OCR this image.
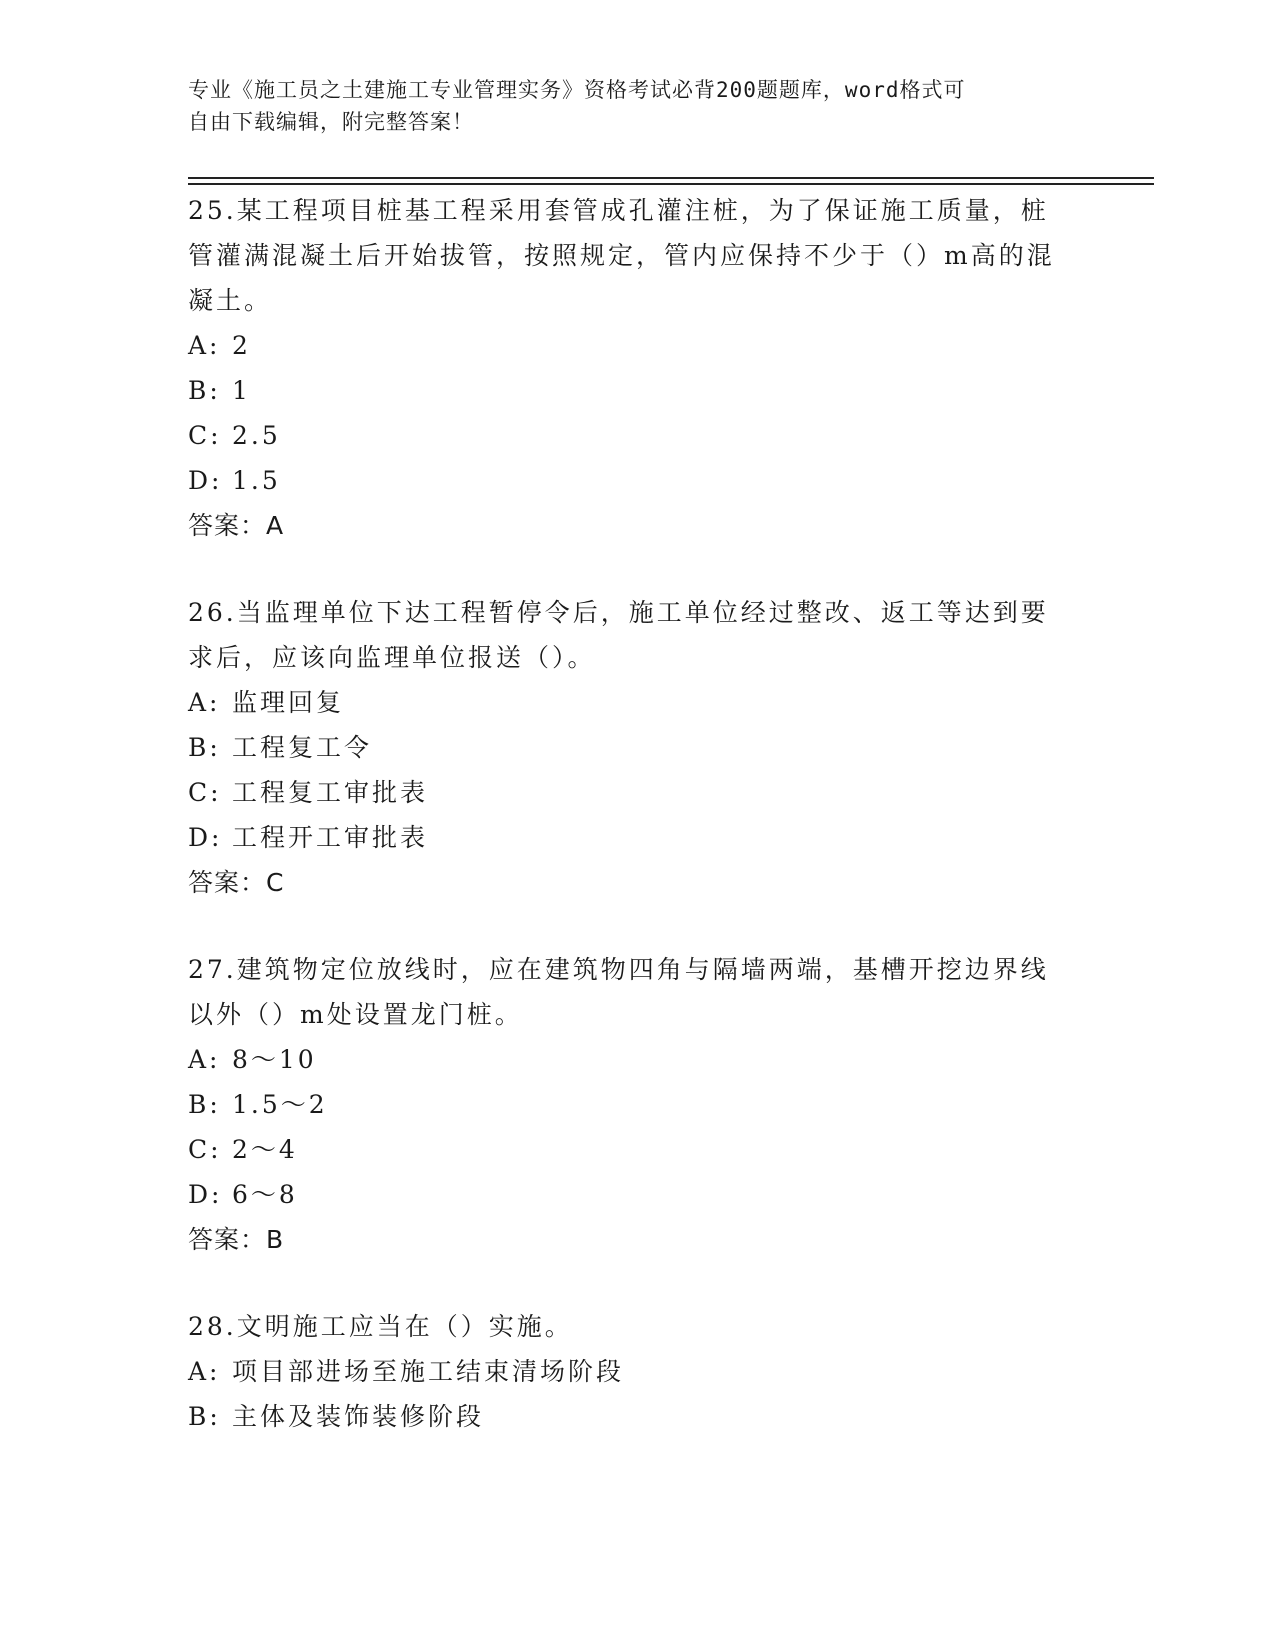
专业《施工员之土建施工专业管理实务》资格考试必背200题题库，word格式可
自由下载编辑，附完整答案！
25.某工程项目桩基工程采用套管成孔灌注桩，为了保证施工质量，桩
管灌满混凝土后开始拔管，按照规定，管内应保持不少于（）m高的混
凝土。
A: 2
B: 1
C: 2.5
D: 1.5
答案：A
26.当监理单位下达工程暂停令后，施工单位经过整改、返工等达到要
求后，应该向监理单位报送（）。
A: 监理回复
B: 工程复工令
C: 工程复工审批表
D: 工程开工审批表
答案：C
27.建筑物定位放线时，应在建筑物四角与隔墙两端，基槽开挖边界线
以外（）m处设置龙门桩。
A: 8～10
B: 1.5～2
C: 2～4
D: 6～8
答案：B
28.文明施工应当在（）实施。
A: 项目部进场至施工结束清场阶段
B: 主体及装饰装修阶段
